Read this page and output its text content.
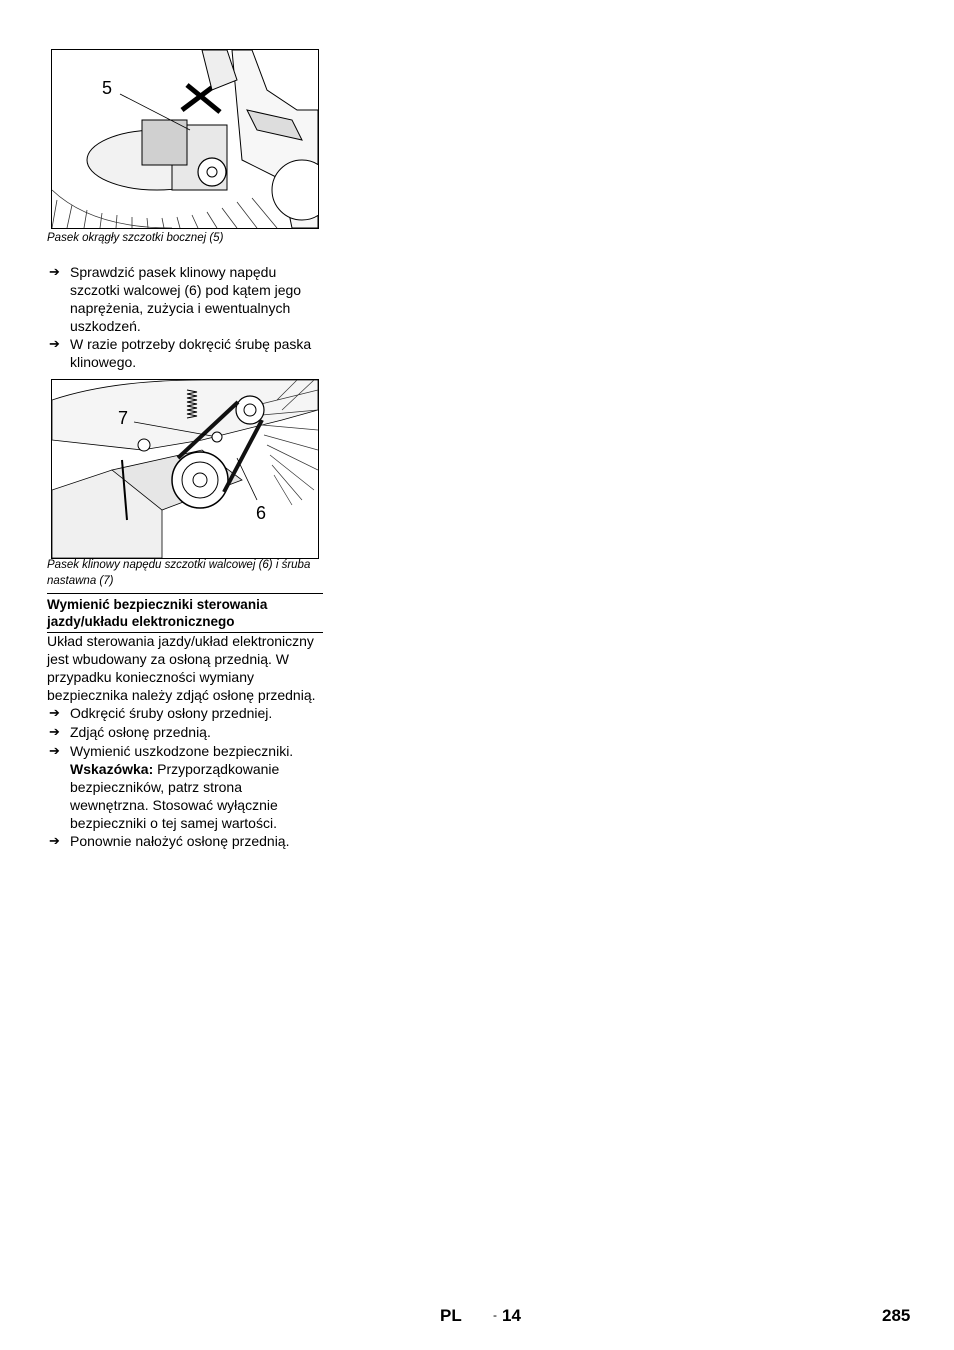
5
Pasek okrągły szczotki bocznej (5)
➔ Sprawdzić pasek klinowy napędu szczotki walcowej (6) pod kątem jego naprężenia, zużycia i ewentualnych uszkodzeń.
➔ W razie potrzeby dokręcić śrubę paska klinowego.
7
6
Pasek klinowy napędu szczotki walcowej (6) i śruba nastawna (7)
Wymienić bezpieczniki sterowania jazdy/układu elektronicznego
Układ sterowania jazdy/układ elektroniczny jest wbudowany za osłoną przednią. W przypadku konieczności wymiany bezpiecznika należy zdjąć osłonę przednią.
➔ Odkręcić śruby osłony przedniej.
➔ Zdjąć osłonę przednią.
➔ Wymienić uszkodzone bezpieczniki.
Wskazówka: Przyporządkowanie bezpieczników, patrz strona wewnętrzna. Stosować wyłącznie bezpieczniki o tej samej wartości.
➔ Ponownie nałożyć osłonę przednią.
PL	- 14	285
